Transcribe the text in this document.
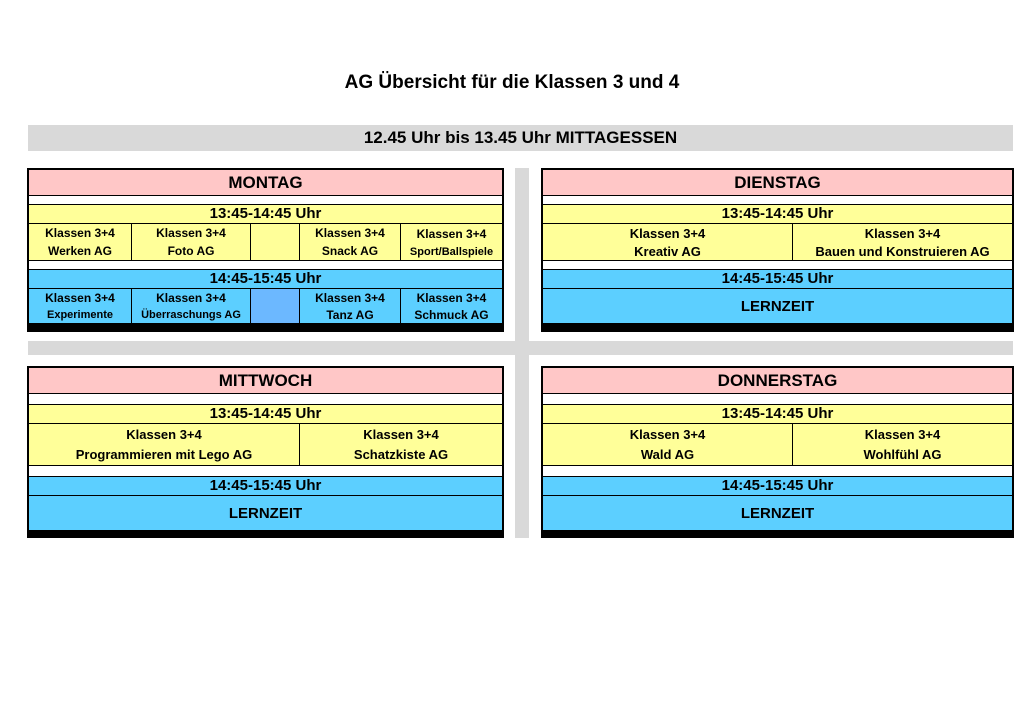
AG Übersicht für die Klassen 3 und 4
12.45 Uhr bis 13.45 Uhr MITTAGESSEN
MONTAG
13:45-14:45 Uhr
Klassen 3+4
Werken AG
Klassen 3+4
Foto AG
Klassen 3+4
Snack AG
Klassen 3+4
Sport/Ballspiele
14:45-15:45 Uhr
Klassen 3+4
Experimente
Klassen 3+4
Überraschungs AG
Klassen 3+4
Tanz AG
Klassen 3+4
Schmuck AG
DIENSTAG
13:45-14:45 Uhr
Klassen 3+4
Kreativ AG
Klassen 3+4
Bauen und Konstruieren AG
14:45-15:45 Uhr
LERNZEIT
MITTWOCH
13:45-14:45 Uhr
Klassen 3+4
Programmieren mit Lego AG
Klassen 3+4
Schatzkiste AG
14:45-15:45 Uhr
LERNZEIT
DONNERSTAG
13:45-14:45 Uhr
Klassen 3+4
Wald AG
Klassen 3+4
Wohlfühl AG
14:45-15:45 Uhr
LERNZEIT
